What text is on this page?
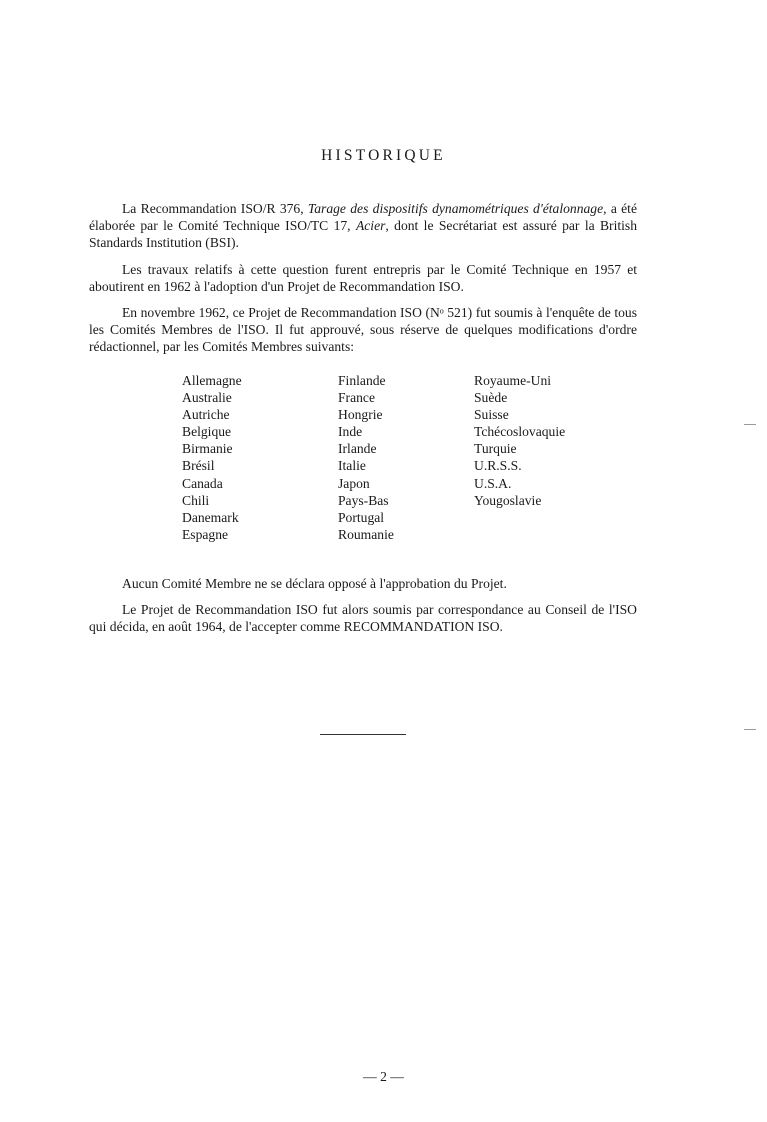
HISTORIQUE

La Recommandation ISO/R 376, Tarage des dispositifs dynamométriques d'étalonnage, a été élaborée par le Comité Technique ISO/TC 17, Acier, dont le Secrétariat est assuré par la British Standards Institution (BSI).

Les travaux relatifs à cette question furent entrepris par le Comité Technique en 1957 et aboutirent en 1962 à l'adoption d'un Projet de Recommandation ISO.

En novembre 1962, ce Projet de Recommandation ISO (Nᵒ 521) fut soumis à l'enquête de tous les Comités Membres de l'ISO. Il fut approuvé, sous réserve de quelques modifications d'ordre rédactionnel, par les Comités Membres suivants:

Allemagne
Australie
Autriche
Belgique
Birmanie
Brésil
Canada
Chili
Danemark
Espagne
Finlande
France
Hongrie
Inde
Irlande
Italie
Japon
Pays-Bas
Portugal
Roumanie
Royaume-Uni
Suède
Suisse
Tchécoslovaquie
Turquie
U.R.S.S.
U.S.A.
Yougoslavie

Aucun Comité Membre ne se déclara opposé à l'approbation du Projet.

Le Projet de Recommandation ISO fut alors soumis par correspondance au Conseil de l'ISO qui décida, en août 1964, de l'accepter comme RECOMMANDATION ISO.

— 2 —
